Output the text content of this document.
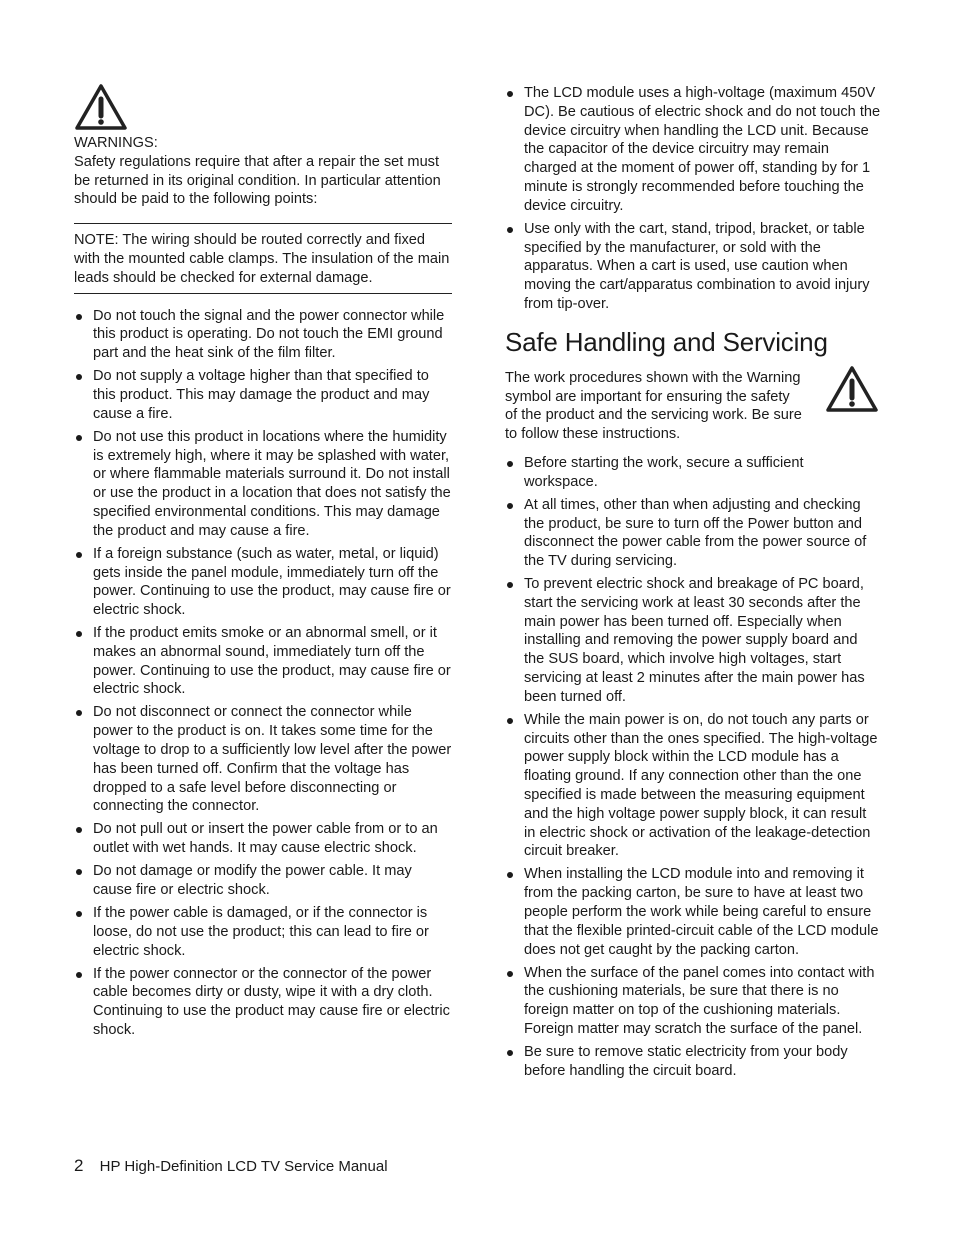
WARNINGS:
Safety regulations require that after a repair the set must be returned in its original condition. In particular attention should be paid to the following points:
NOTE: The wiring should be routed correctly and fixed with the mounted cable clamps. The insulation of the main leads should be checked for external damage.
Do not touch the signal and the power connector while this product is operating. Do not touch the EMI ground part and the heat sink of the film filter.
Do not supply a voltage higher than that specified to this product. This may damage the product and may cause a fire.
Do not use this product in locations where the humidity is extremely high, where it may be splashed with water, or where flammable materials surround it. Do not install or use the product in a location that does not satisfy the specified environmental conditions. This may damage the product and may cause a fire.
If a foreign substance (such as water, metal, or liquid) gets inside the panel module, immediately turn off the power. Continuing to use the product, may cause fire or electric shock.
If the product emits smoke or an abnormal smell, or it makes an abnormal sound, immediately turn off the power. Continuing to use the product, may cause fire or electric shock.
Do not disconnect or connect the connector while power to the product is on. It takes some time for the voltage to drop to a sufficiently low level after the power has been turned off. Confirm that the voltage has dropped to a safe level before disconnecting or connecting the connector.
Do not pull out or insert the power cable from or to an outlet with wet hands. It may cause electric shock.
Do not damage or modify the power cable. It may cause fire or electric shock.
If the power cable is damaged, or if the connector is loose, do not use the product; this can lead to fire or electric shock.
If the power connector or the connector of the power cable becomes dirty or dusty, wipe it with a dry cloth. Continuing to use the product may cause fire or electric shock.
The LCD module uses a high-voltage (maximum 450V DC). Be cautious of electric shock and do not touch the device circuitry when handling the LCD unit. Because the capacitor of the device circuitry may remain charged at the moment of power off, standing by for 1 minute is strongly recommended before touching the device circuitry.
Use only with the cart, stand, tripod, bracket, or table specified by the manufacturer, or sold with the apparatus. When a cart is used, use caution when moving the cart/apparatus combination to avoid injury from tip-over.
Safe Handling and Servicing
The work procedures shown with the Warning symbol are important for ensuring the safety of the product and the servicing work. Be sure to follow these instructions.
Before starting the work, secure a sufficient workspace.
At all times, other than when adjusting and checking the product, be sure to turn off the Power button and disconnect the power cable from the power source of the TV during servicing.
To prevent electric shock and breakage of PC board, start the servicing work at least 30 seconds after the main power has been turned off. Especially when installing and removing the power supply board and the SUS board, which involve high voltages, start servicing at least 2 minutes after the main power has been turned off.
While the main power is on, do not touch any parts or circuits other than the ones specified. The high-voltage power supply block within the LCD module has a floating ground. If any connection other than the one specified is made between the measuring equipment and the high voltage power supply block, it can result in electric shock or activation of the leakage-detection circuit breaker.
When installing the LCD module into and removing it from the packing carton, be sure to have at least two people perform the work while being careful to ensure that the flexible printed-circuit cable of the LCD module does not get caught by the packing carton.
When the surface of the panel comes into contact with the cushioning materials, be sure that there is no foreign matter on top of the cushioning materials. Foreign matter may scratch the surface of the panel.
Be sure to remove static electricity from your body before handling the circuit board.
2 HP High-Definition LCD TV Service Manual
